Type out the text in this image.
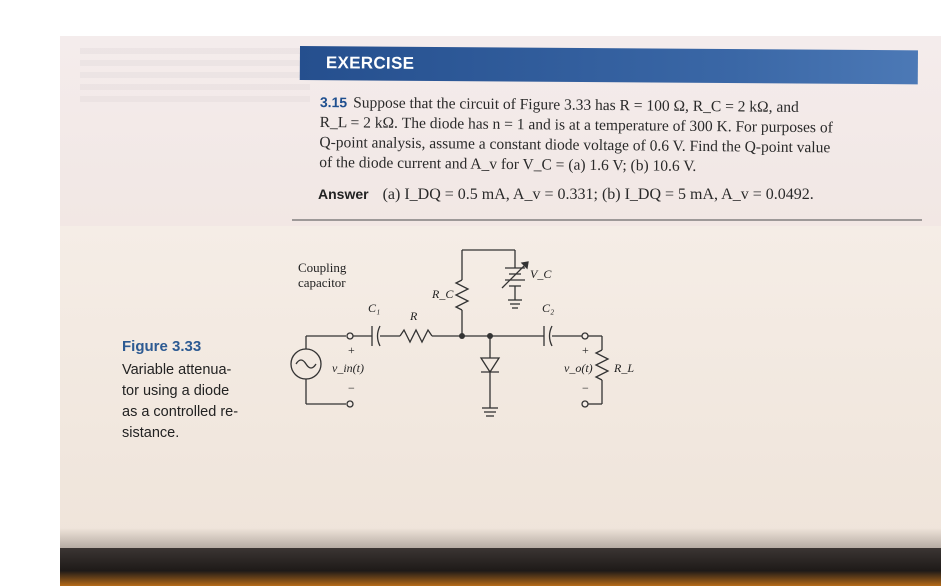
EXERCISE
3.15 Suppose that the circuit of Figure 3.33 has R = 100 Ω, R_C = 2 kΩ, and
R_L = 2 kΩ. The diode has n = 1 and is at a temperature of 300 K. For purposes of
Q-point analysis, assume a constant diode voltage of 0.6 V. Find the Q-point value
of the diode current and A_v for V_C = (a) 1.6 V; (b) 10.6 V.
Answer (a) I_DQ = 0.5 mA, A_v = 0.331; (b) I_DQ = 5 mA, A_v = 0.0492.
Figure 3.33
Variable attenua-
tor using a diode
as a controlled re-
sistance.
Coupling
capacitor
C₁
R
R_C
V_C
C₂
+
v_in(t)
−
+
v_o(t)
−
R_L
